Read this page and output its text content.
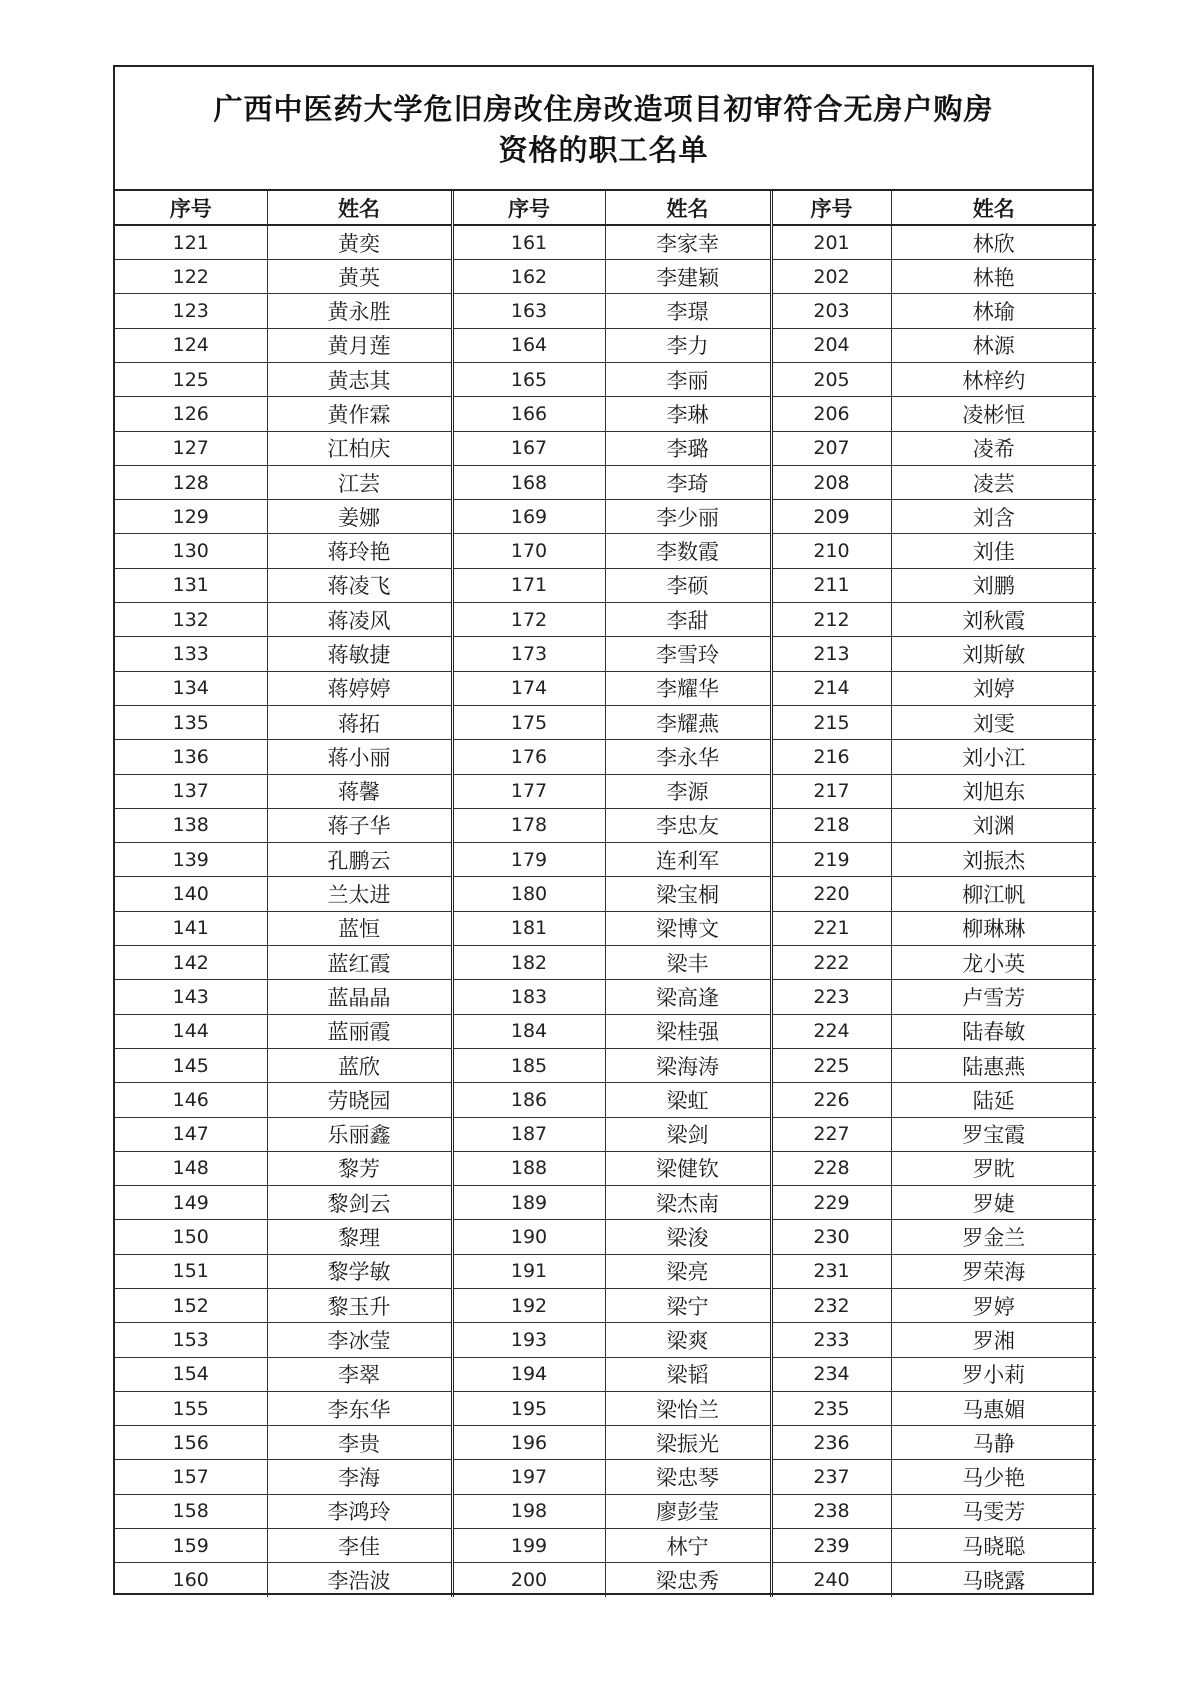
广西中医药大学危旧房改住房改造项目初审符合无房户购房
资格的职工名单
序号	姓名	序号	姓名	序号	姓名
121	黄奕	161	李家幸	201	林欣
122	黄英	162	李建颖	202	林艳
123	黄永胜	163	李璟	203	林瑜
124	黄月莲	164	李力	204	林源
125	黄志其	165	李丽	205	林梓约
126	黄作霖	166	李琳	206	凌彬恒
127	江柏庆	167	李璐	207	凌希
128	江芸	168	李琦	208	凌芸
129	姜娜	169	李少丽	209	刘含
130	蒋玲艳	170	李数霞	210	刘佳
131	蒋凌飞	171	李硕	211	刘鹏
132	蒋凌风	172	李甜	212	刘秋霞
133	蒋敏捷	173	李雪玲	213	刘斯敏
134	蒋婷婷	174	李耀华	214	刘婷
135	蒋拓	175	李耀燕	215	刘雯
136	蒋小丽	176	李永华	216	刘小江
137	蒋馨	177	李源	217	刘旭东
138	蒋子华	178	李忠友	218	刘渊
139	孔鹏云	179	连利军	219	刘振杰
140	兰太进	180	梁宝桐	220	柳江帆
141	蓝恒	181	梁博文	221	柳琳琳
142	蓝红霞	182	梁丰	222	龙小英
143	蓝晶晶	183	梁高逢	223	卢雪芳
144	蓝丽霞	184	梁桂强	224	陆春敏
145	蓝欣	185	梁海涛	225	陆惠燕
146	劳晓园	186	梁虹	226	陆延
147	乐丽鑫	187	梁剑	227	罗宝霞
148	黎芳	188	梁健钦	228	罗眈
149	黎剑云	189	梁杰南	229	罗婕
150	黎理	190	梁浚	230	罗金兰
151	黎学敏	191	梁亮	231	罗荣海
152	黎玉升	192	梁宁	232	罗婷
153	李冰莹	193	梁爽	233	罗湘
154	李翠	194	梁韬	234	罗小莉
155	李东华	195	梁怡兰	235	马惠媚
156	李贵	196	梁振光	236	马静
157	李海	197	梁忠琴	237	马少艳
158	李鸿玲	198	廖彭莹	238	马雯芳
159	李佳	199	林宁	239	马晓聪
160	李浩波	200	梁忠秀	240	马晓露
